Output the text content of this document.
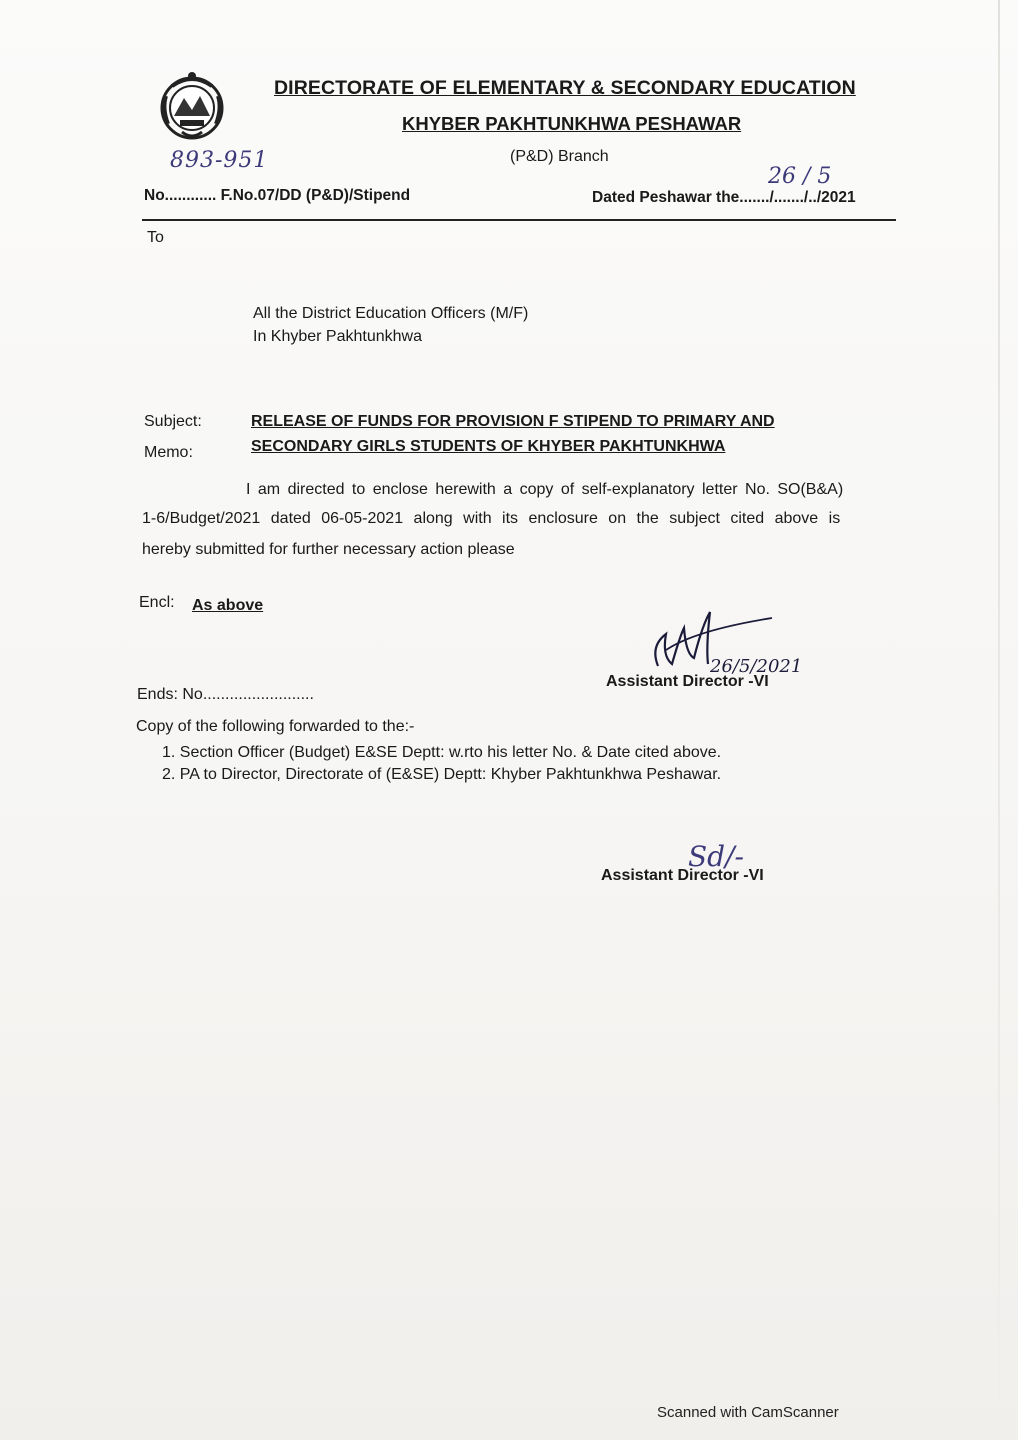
DIRECTORATE OF ELEMENTARY & SECONDARY EDUCATION
KHYBER PAKHTUNKHWA PESHAWAR
(P&D) Branch
893-951
No............ F.No.07/DD (P&D)/Stipend	Dated Peshawar the......./......./../2021
26 / 5
To
All the District Education Officers (M/F)
In Khyber Pakhtunkhwa
Subject:
Memo:
RELEASE OF FUNDS FOR PROVISION F STIPEND TO PRIMARY AND
SECONDARY GIRLS STUDENTS OF KHYBER PAKHTUNKHWA
I am directed to enclose herewith a copy of self-explanatory letter No. SO(B&A)
1-6/Budget/2021 dated 06-05-2021 along with its enclosure on the subject cited above is
hereby submitted for further necessary action please
Encl: As above
26/5/2021
Assistant Director -VI
Ends: No.........................
Copy of the following forwarded to the:-
1. Section Officer (Budget) E&SE Deptt: w.rto his letter No. & Date cited above.
2. PA to Director, Directorate of (E&SE) Deptt: Khyber Pakhtunkhwa Peshawar.
Sd/-
Assistant Director -VI
Scanned with CamScanner
